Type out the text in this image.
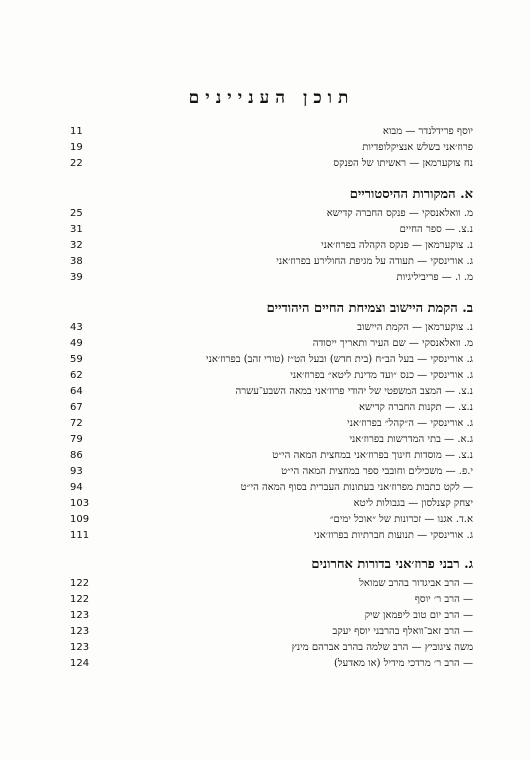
תוכן העניינים
11	יוסף פרידלנדר — מבוא
19	פרוז׳אני בשלש אנציקלופדיות
22	נח צוקערמאן — ראשיתו של הפנקס
א. המקורות ההיסטוריים
25	מ. וואלאנסקי — פנקס החברה קדישא
31	נ.צ. — ספר החיים
32	נ. צוקערמאן — פנקס הקהלה בפרוז׳אני
38	ג. אורינסקי — תעודה על מגיפת החולירע בפרוז׳אני
39	מ. ו. — פריביליגיות
ב. הקמת היישוב וצמיחת החיים היהודיים
43	נ. צוקערמאן — הקמת היישוב
49	מ. וואלאנסקי — שם העיר ותאריך ייסודה
59	ג. אורינסקי — בעל הב״ח (בית חדש) ובעל הט״ז (טורי זהב) בפרוז׳אני
62	ג. אורינסקי — כנס ״ועד מדינת ליטא״ בפרוז׳אני
64	נ.צ. — המצב המשפטי של יהודי פרוז׳אני במאה השבע־עשרה
67	נ.צ. — תקנות החברה קדישא
72	ג. אורינסקי — ה״קהל״ בפרוז׳אני
79	ג.א. — בתי המדרשות בפרוז׳אני
86	נ.צ. — מוסדות חינוך בפרוז׳אני במחצית המאה הי״ט
93	י.פ. — משכילים וחובבי ספר במחצית המאה הי״ט
94	— לקט כתבות מפרוז׳אני בעתונות העברית בסוף המאה הי״ט
103	יצחק קצנלסון — בגבולות ליטא
109	א.ד. אגנו — זכרונות של ״אוכל ימים״
111	ג. אורינסקי — תנועות חברתיות בפרוז׳אני
ג. רבני פרוז׳אני בדורות אחרונים
122	— הרב אביגדור בהרב שמואל
122	— הרב ר׳ יוסף
123	— הרב יום טוב ליפמאן שיק
123	— הרב זאב־וואלף בהרבני יוסף יעקב
123	משה ציגוביץ — הרב שלמה בהרב אברהם מינץ
124	— הרב ר׳ מרדכי מידיל (או מאדעל)
